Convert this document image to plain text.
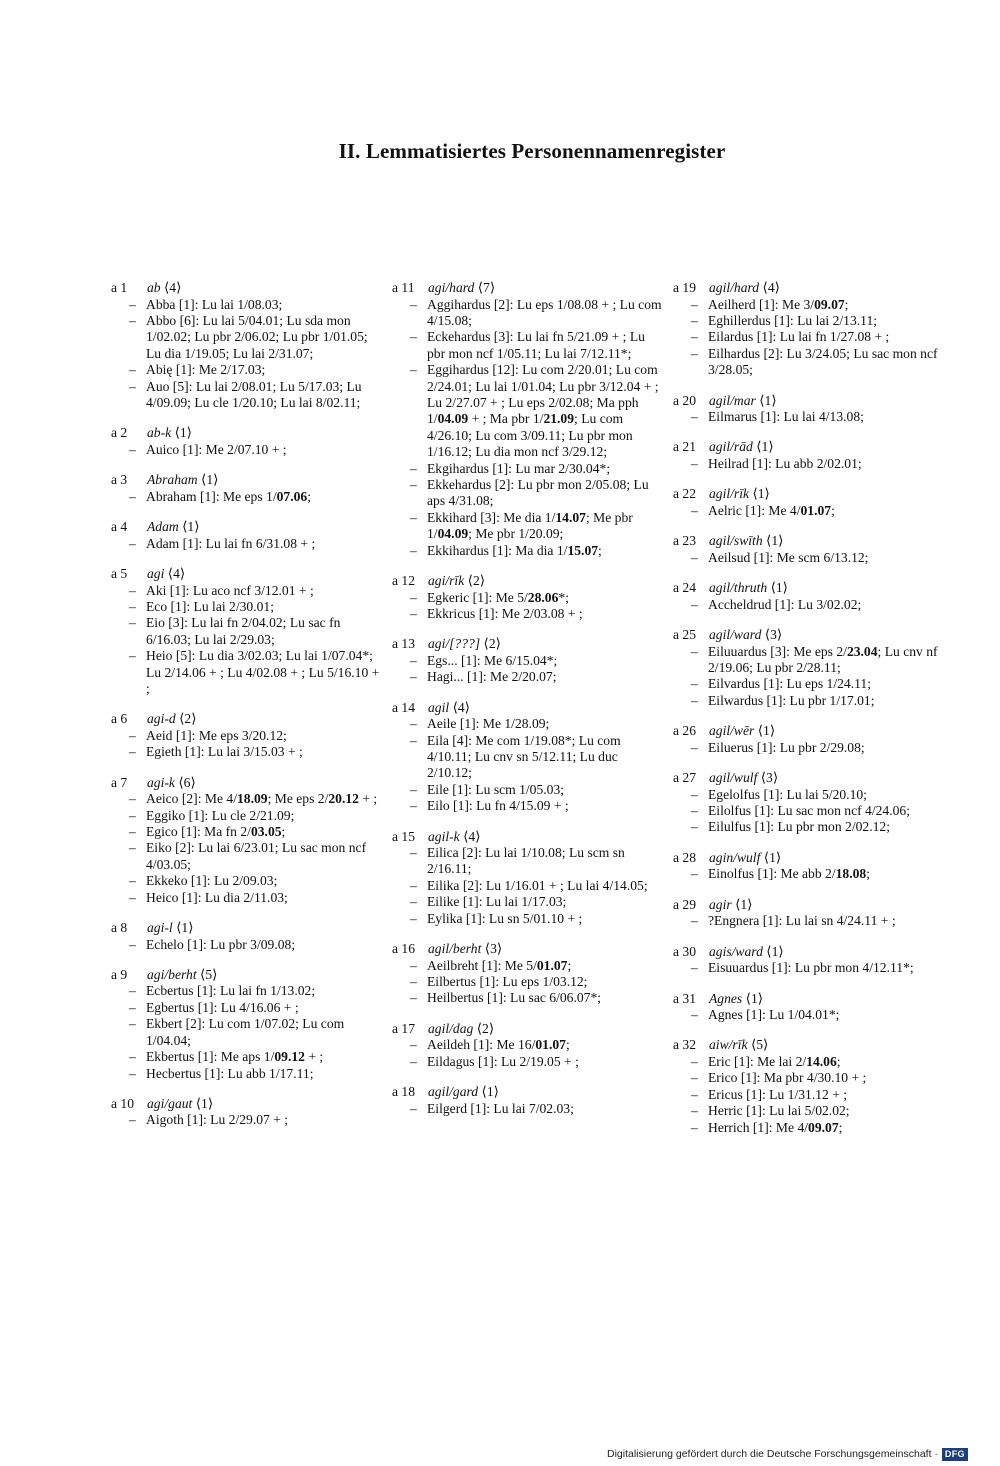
II. Lemmatisiertes Personennamenregister
a 1 ab ⟨4⟩
– Abba [1]: Lu lai 1/08.03;
– Abbo [6]: Lu lai 5/04.01; Lu sda mon 1/02.02; Lu pbr 2/06.02; Lu pbr 1/01.05; Lu dia 1/19.05; Lu lai 2/31.07;
– Abię [1]: Me 2/17.03;
– Auo [5]: Lu lai 2/08.01; Lu 5/17.03; Lu 4/09.09; Lu cle 1/20.10; Lu lai 8/02.11;
a 2 ab-k ⟨1⟩
– Auico [1]: Me 2/07.10 + ;
a 3 Abraham ⟨1⟩
– Abraham [1]: Me eps 1/07.06;
a 4 Adam ⟨1⟩
– Adam [1]: Lu lai fn 6/31.08 + ;
a 5 agi ⟨4⟩
– Aki [1]: Lu aco ncf 3/12.01 + ;
– Eco [1]: Lu lai 2/30.01;
– Eio [3]: Lu lai fn 2/04.02; Lu sac fn 6/16.03; Lu lai 2/29.03;
– Heio [5]: Lu dia 3/02.03; Lu lai 1/07.04*; Lu 2/14.06 + ; Lu 4/02.08 + ; Lu 5/16.10 + ;
a 6 agi-d ⟨2⟩
– Aeid [1]: Me eps 3/20.12;
– Egieth [1]: Lu lai 3/15.03 + ;
a 7 agi-k ⟨6⟩
– Aeico [2]: Me 4/18.09; Me eps 2/20.12 + ;
– Eggiko [1]: Lu cle 2/21.09;
– Egico [1]: Ma fn 2/03.05;
– Eiko [2]: Lu lai 6/23.01; Lu sac mon ncf 4/03.05;
– Ekkeko [1]: Lu 2/09.03;
– Heico [1]: Lu dia 2/11.03;
a 8 agi-l ⟨1⟩
– Echelo [1]: Lu pbr 3/09.08;
a 9 agi/berht ⟨5⟩
– Ecbertus [1]: Lu lai fn 1/13.02;
– Egbertus [1]: Lu 4/16.06 + ;
– Ekbert [2]: Lu com 1/07.02; Lu com 1/04.04;
– Ekbertus [1]: Me aps 1/09.12 + ;
– Hecbertus [1]: Lu abb 1/17.11;
a 10 agi/gaut ⟨1⟩
– Aigoth [1]: Lu 2/29.07 + ;
a 11 agi/hard ⟨7⟩
– Aggihardus [2]: Lu eps 1/08.08 + ; Lu com 4/15.08;
– Eckehardus [3]: Lu lai fn 5/21.09 + ; Lu pbr mon ncf 1/05.11; Lu lai 7/12.11*;
– Eggihardus [12]: Lu com 2/20.01; Lu com 2/24.01; Lu lai 1/01.04; Lu pbr 3/12.04 + ; Lu 2/27.07 + ; Lu eps 2/02.08; Ma pph 1/04.09 + ; Ma pbr 1/21.09; Lu com 4/26.10; Lu com 3/09.11; Lu pbr mon 1/16.12; Lu dia mon ncf 3/29.12;
– Ekgihardus [1]: Lu mar 2/30.04*;
– Ekkehardus [2]: Lu pbr mon 2/05.08; Lu aps 4/31.08;
– Ekkihard [3]: Me dia 1/14.07; Me pbr 1/04.09; Me pbr 1/20.09;
– Ekkihardus [1]: Ma dia 1/15.07;
a 12 agi/rīk ⟨2⟩
– Egkeric [1]: Me 5/28.06*;
– Ekkricus [1]: Me 2/03.08 + ;
a 13 agi/[???] ⟨2⟩
– Egs... [1]: Me 6/15.04*;
– Hagi... [1]: Me 2/20.07;
a 14 agil ⟨4⟩
– Aeile [1]: Me 1/28.09;
– Eila [4]: Me com 1/19.08*; Lu com 4/10.11; Lu cnv sn 5/12.11; Lu duc 2/10.12;
– Eile [1]: Lu scm 1/05.03;
– Eilo [1]: Lu fn 4/15.09 + ;
a 15 agil-k ⟨4⟩
– Eilica [2]: Lu lai 1/10.08; Lu scm sn 2/16.11;
– Eilika [2]: Lu 1/16.01 + ; Lu lai 4/14.05;
– Eilike [1]: Lu lai 1/17.03;
– Eylika [1]: Lu sn 5/01.10 + ;
a 16 agil/berht ⟨3⟩
– Aeilbreht [1]: Me 5/01.07;
– Eilbertus [1]: Lu eps 1/03.12;
– Heilbertus [1]: Lu sac 6/06.07*;
a 17 agil/dag ⟨2⟩
– Aeildeh [1]: Me 16/01.07;
– Eildagus [1]: Lu 2/19.05 + ;
a 18 agil/gard ⟨1⟩
– Eilgerd [1]: Lu lai 7/02.03;
a 19 agil/hard ⟨4⟩
– Aeilherd [1]: Me 3/09.07;
– Eghillerdus [1]: Lu lai 2/13.11;
– Eilardus [1]: Lu lai fn 1/27.08 + ;
– Eilhardus [2]: Lu 3/24.05; Lu sac mon ncf 3/28.05;
a 20 agil/mar ⟨1⟩
– Eilmarus [1]: Lu lai 4/13.08;
a 21 agil/rād ⟨1⟩
– Heilrad [1]: Lu abb 2/02.01;
a 22 agil/rīk ⟨1⟩
– Aelric [1]: Me 4/01.07;
a 23 agil/swīth ⟨1⟩
– Aeilsud [1]: Me scm 6/13.12;
a 24 agil/thruth ⟨1⟩
– Accheldrud [1]: Lu 3/02.02;
a 25 agil/ward ⟨3⟩
– Eiluuardus [3]: Me eps 2/23.04; Lu cnv nf 2/19.06; Lu pbr 2/28.11;
– Eilvardus [1]: Lu eps 1/24.11;
– Eilwardus [1]: Lu pbr 1/17.01;
a 26 agil/wēr ⟨1⟩
– Eiluerus [1]: Lu pbr 2/29.08;
a 27 agil/wulf ⟨3⟩
– Egelolfus [1]: Lu lai 5/20.10;
– Eilolfus [1]: Lu sac mon ncf 4/24.06;
– Eilulfus [1]: Lu pbr mon 2/02.12;
a 28 agin/wulf ⟨1⟩
– Einolfus [1]: Me abb 2/18.08;
a 29 agir ⟨1⟩
– ?Engnera [1]: Lu lai sn 4/24.11 + ;
a 30 agis/ward ⟨1⟩
– Eisuuardus [1]: Lu pbr mon 4/12.11*;
a 31 Agnes ⟨1⟩
– Agnes [1]: Lu 1/04.01*;
a 32 aiw/rīk ⟨5⟩
– Eric [1]: Me lai 2/14.06;
– Erico [1]: Ma pbr 4/30.10 + ;
– Ericus [1]: Lu 1/31.12 + ;
– Herric [1]: Lu lai 5/02.02;
– Herrich [1]: Me 4/09.07;
Digitalisierung gefördert durch die Deutsche Forschungsgemeinschaft · DFG
